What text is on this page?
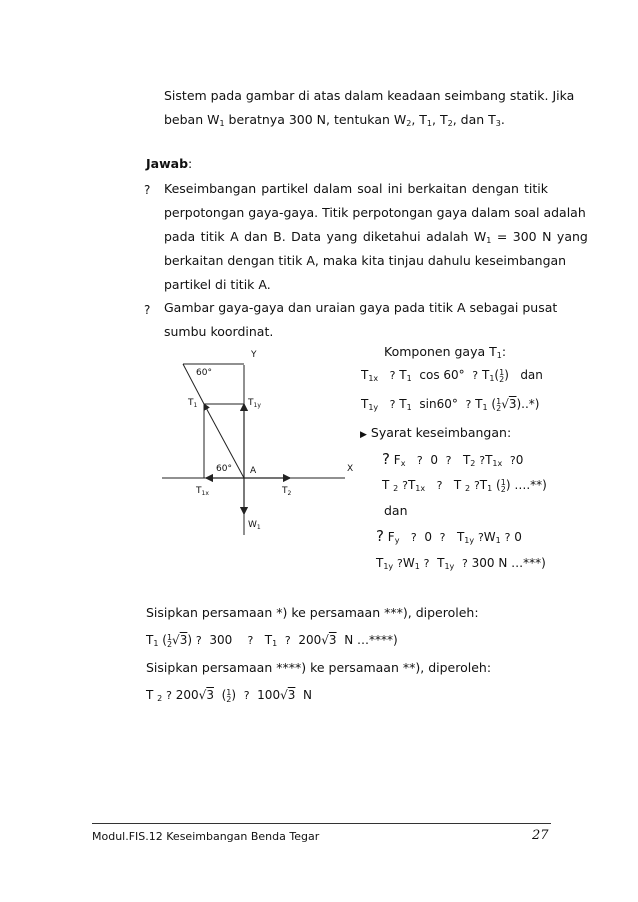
Sistem pada gambar di atas dalam keadaan seimbang statik. Jika
beban $W_1$ beratnya 300 N, tentukan $W_2$, $T_1$, $T_2$, dan $T_3$.
Jawab:
? Keseimbangan partikel dalam soal ini berkaitan dengan titik
perpotongan gaya-gaya. Titik perpotongan gaya dalam soal adalah
pada titik A dan B. Data yang diketahui adalah $W_1 = 300$ N yang
berkaitan dengan titik A, maka kita tinjau dahulu keseimbangan
partikel di titik A.
? Gambar gaya-gaya dan uraian gaya pada titik A sebagai pusat
sumbu koordinat.
Y
X
60°
60° A
$T_1$	$T_{1y}$
$T_{1x}$	$T_2$
$W_1$
Komponen gaya $T_1$:
$T_{1x}$ ? $T_1$ cos 60° ? $T_1(1$
2)   dan
$T_{1y}$ ? $T_1$ sin60° ? $T_1$ (1
2√3)..*)
▶ Syarat keseimbangan:
? $F_x$ ? 0 ? $T_2$ $?T_{1x}$ ?0
T $_2$ $?T_{1x}$ ? T $_2$ $?T_1$ (1
2) ….**)
dan
? $F_y$ ? 0 ? $T_{1y}$ $?W_1$ ? 0
$T_{1y}$ $?W_1$ ? $T_{1y}$ ? 300 N …***)
Sisipkan persamaan *) ke persamaan ***), diperoleh:
$T_1$ (1
2√3) ? 300 ? $T_1$ ? 200√3 N …****)
Sisipkan persamaan ****) ke persamaan **), diperoleh:
T $_2$ ? 200√3  (1
2)  ? 100√3 N
Modul.FIS.12 Keseimbangan Benda Tegar	27
